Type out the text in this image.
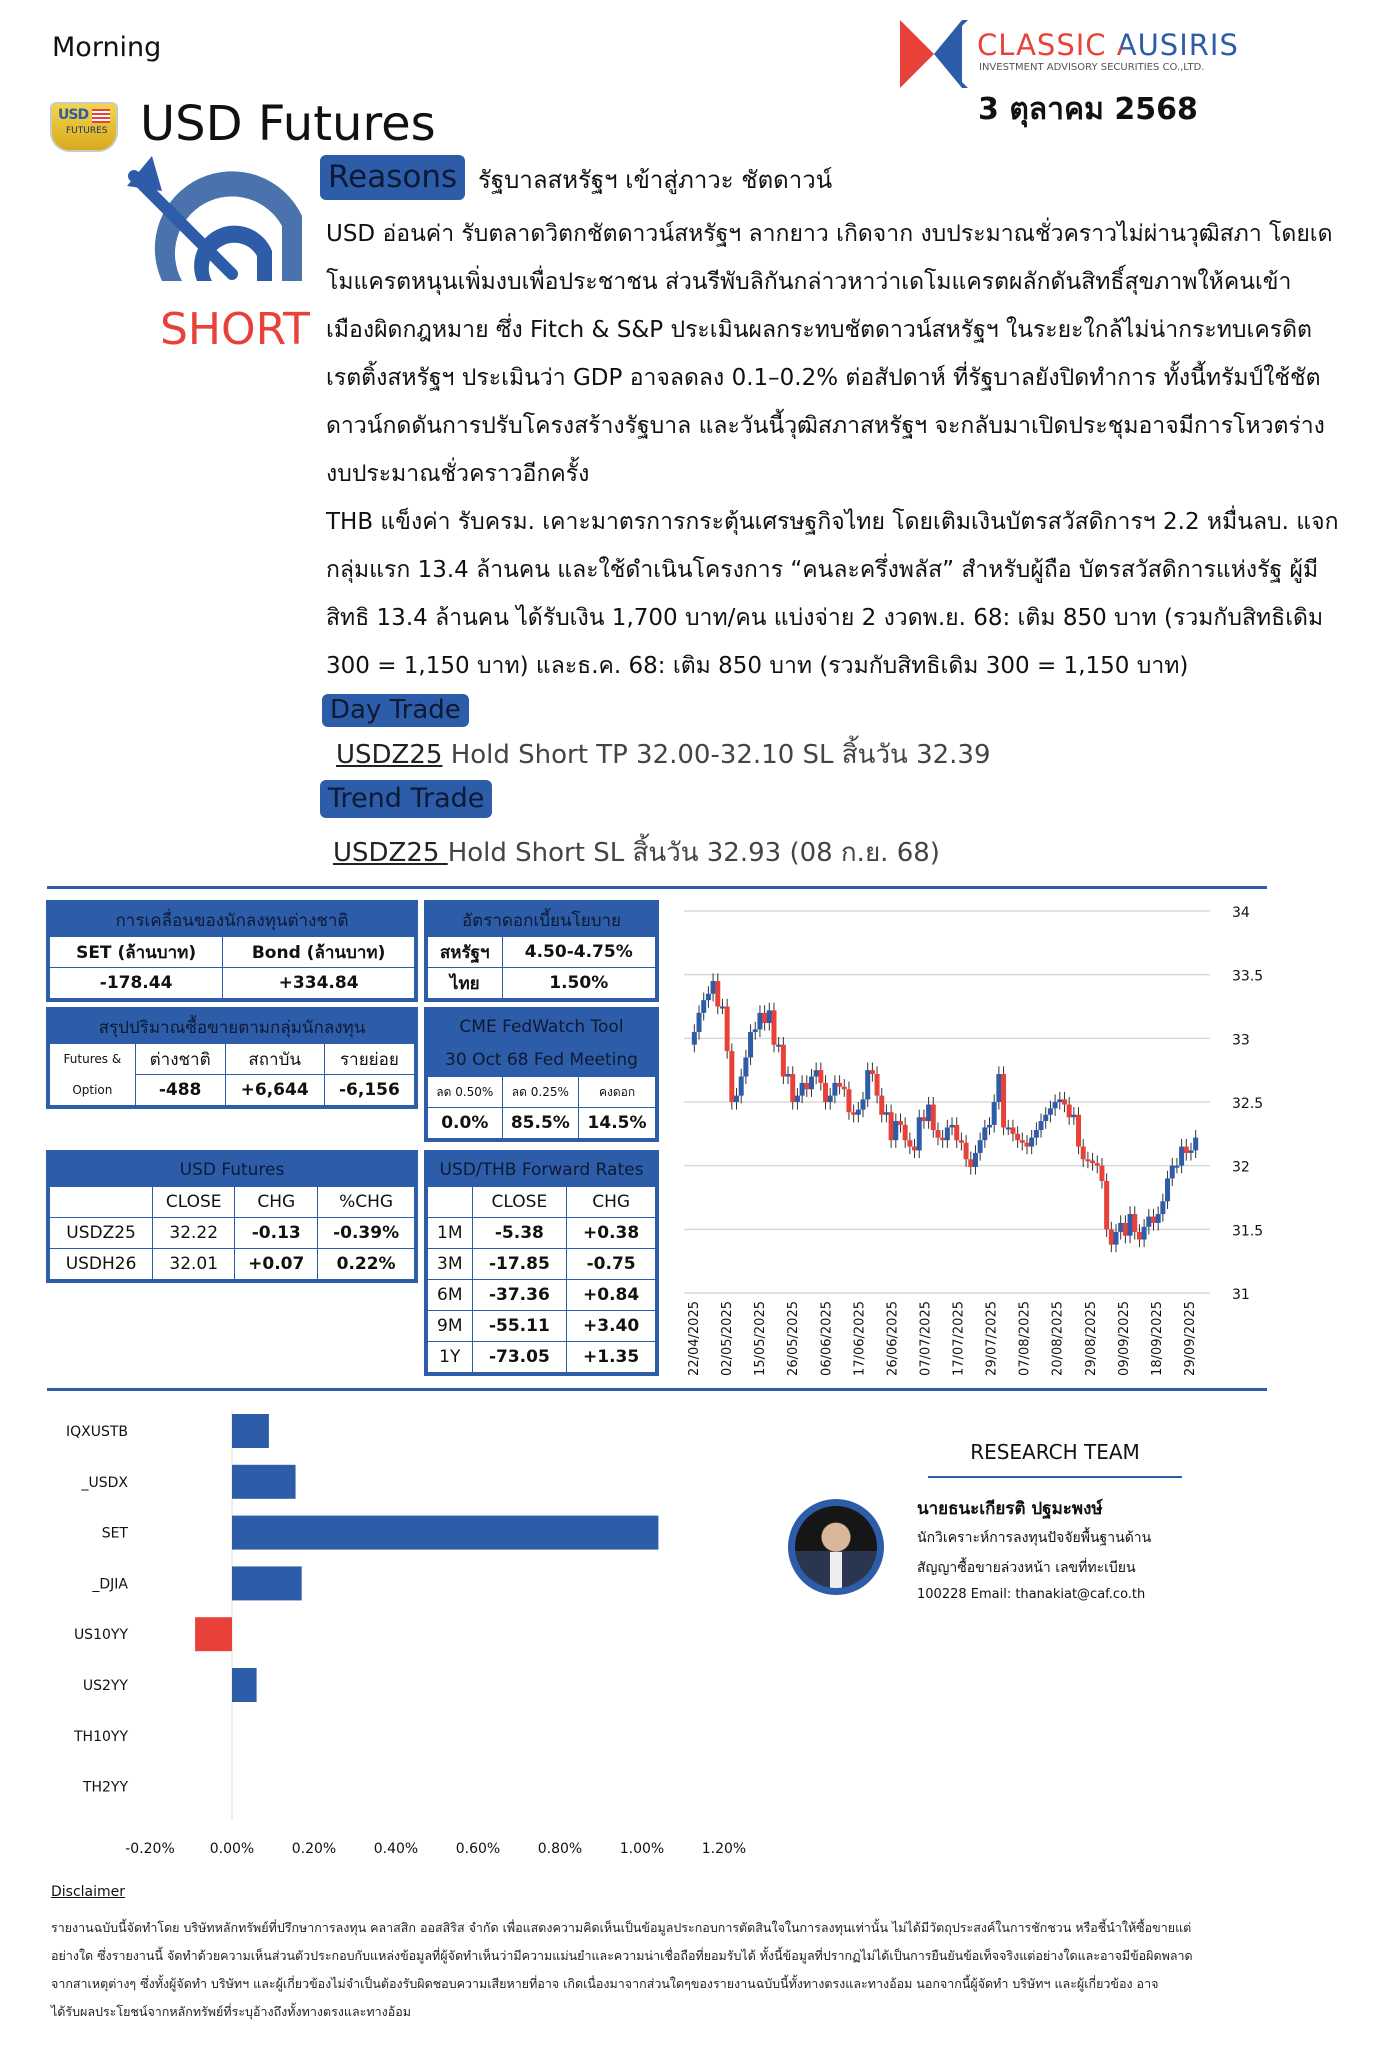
Morning
USD
FUTURES USD Futures
CLASSIC AUSIRIS
INVESTMENT ADVISORY SECURITIES CO.,LTD.
3 ตุลาคม 2568
SHORT
Reasons รัฐบาลสหรัฐฯ เข้าสู่ภาวะ ชัตดาวน์
USD อ่อนค่า รับตลาดวิตกชัตดาวน์สหรัฐฯ ลากยาว เกิดจาก งบประมาณชั่วคราวไม่ผ่านวุฒิสภา โดยเด
โมแครตหนุนเพิ่มงบเพื่อประชาชน ส่วนรีพับลิกันกล่าวหาว่าเดโมแครตผลักดันสิทธิ์สุขภาพให้คนเข้า
เมืองผิดกฎหมาย ซึ่ง Fitch & S&P ประเมินผลกระทบชัตดาวน์สหรัฐฯ ในระยะใกล้ไม่น่ากระทบเครดิต
เรตติ้งสหรัฐฯ ประเมินว่า GDP อาจลดลง 0.1–0.2% ต่อสัปดาห์ ที่รัฐบาลยังปิดทำการ ทั้งนี้ทรัมป์ใช้ชัต
ดาวน์กดดันการปรับโครงสร้างรัฐบาล และวันนี้วุฒิสภาสหรัฐฯ จะกลับมาเปิดประชุมอาจมีการโหวตร่าง
งบประมาณชั่วคราวอีกครั้ง
THB แข็งค่า รับครม. เคาะมาตรการกระตุ้นเศรษฐกิจไทย โดยเติมเงินบัตรสวัสดิการฯ 2.2 หมื่นลบ. แจก
กลุ่มแรก 13.4 ล้านคน และใช้ดำเนินโครงการ “คนละครึ่งพลัส” สำหรับผู้ถือ บัตรสวัสดิการแห่งรัฐ ผู้มี
สิทธิ 13.4 ล้านคน ได้รับเงิน 1,700 บาท/คน แบ่งจ่าย 2 งวดพ.ย. 68: เติม 850 บาท (รวมกับสิทธิเดิม
300 = 1,150 บาท) และธ.ค. 68: เติม 850 บาท (รวมกับสิทธิเดิม 300 = 1,150 บาท)
Day Trade
USDZ25 Hold Short TP 32.00-32.10 SL สิ้นวัน 32.39
Trend Trade
USDZ25 Hold Short SL สิ้นวัน 32.93 (08 ก.ย. 68)
การเคลื่อนของนักลงทุนต่างชาติ	
SET (ล้านบาท)	Bond (ล้านบาท)
-178.44	+334.84
อัตราดอกเบี้ยนโยบาย	
สหรัฐฯ	4.50-4.75%
ไทย	1.50%
สรุปปริมาณซื้อขายตามกลุ่มนักลงทุน			
Futures &	ต่างชาติ	สถาบัน	รายย่อย
Option	-488	+6,644	-6,156
CME FedWatch Tool		
30 Oct 68 Fed Meeting		
ลด 0.50%	ลด 0.25%	คงดอก
0.0%	85.5%	14.5%
USD Futures			
	CLOSE	CHG	%CHG
USDZ25	32.22	-0.13	-0.39%
USDH26	32.01	+0.07	0.22%
USD/THB Forward Rates		
	CLOSE	CHG
1M	-5.38	+0.38
3M	-17.85	-0.75
6M	-37.36	+0.84
9M	-55.11	+3.40
1Y	-73.05	+1.35
34
33.5
33
32.5
32
31.5
31
22/04/2025 02/05/2025 15/05/2025 26/05/2025 06/06/2025 17/06/2025 26/06/2025 07/07/2025 17/07/2025 29/07/2025 07/08/2025 20/08/2025 29/08/2025 09/09/2025 18/09/2025 29/09/2025
IQXUSTB
_USDX
SET
_DJIA
US10YY
US2YY
TH10YY
TH2YY
-0.20% 0.00%	0.20%	0.40%	0.60%	0.80%	1.00%	1.20%
RESEARCH TEAM
นายธนะเกียรติ ปฐมะพงษ์
นักวิเคราะห์การลงทุนปัจจัยพื้นฐานด้าน
สัญญาซื้อขายล่วงหน้า เลขที่ทะเบียน
100228 Email: thanakiat@caf.co.th
Disclaimer
รายงานฉบับนี้จัดทำโดย บริษัทหลักทรัพย์ที่ปรึกษาการลงทุน คลาสสิก ออสสิริส จำกัด เพื่อแสดงความคิดเห็นเป็นข้อมูลประกอบการตัดสินใจในการลงทุนเท่านั้น ไม่ได้มีวัตถุประสงค์ในการชักชวน หรือชี้นำให้ซื้อขายแต่
อย่างใด ซึ่งรายงานนี้ จัดทำด้วยความเห็นส่วนตัวประกอบกับแหล่งข้อมูลที่ผู้จัดทำเห็นว่ามีความแม่นยำและความน่าเชื่อถือที่ยอมรับได้ ทั้งนี้ข้อมูลที่ปรากฏไม่ได้เป็นการยืนยันข้อเท็จจริงแต่อย่างใดและอาจมีข้อผิดพลาด
จากสาเหตุต่างๆ ซึ่งทั้งผู้จัดทำ บริษัทฯ และผู้เกี่ยวข้องไม่จำเป็นต้องรับผิดชอบความเสียหายที่อาจ เกิดเนื่องมาจากส่วนใดๆของรายงานฉบับนี้ทั้งทางตรงและทางอ้อม นอกจากนี้ผู้จัดทำ บริษัทฯ และผู้เกี่ยวข้อง อาจ
ได้รับผลประโยชน์จากหลักทรัพย์ที่ระบุอ้างถึงทั้งทางตรงและทางอ้อม
